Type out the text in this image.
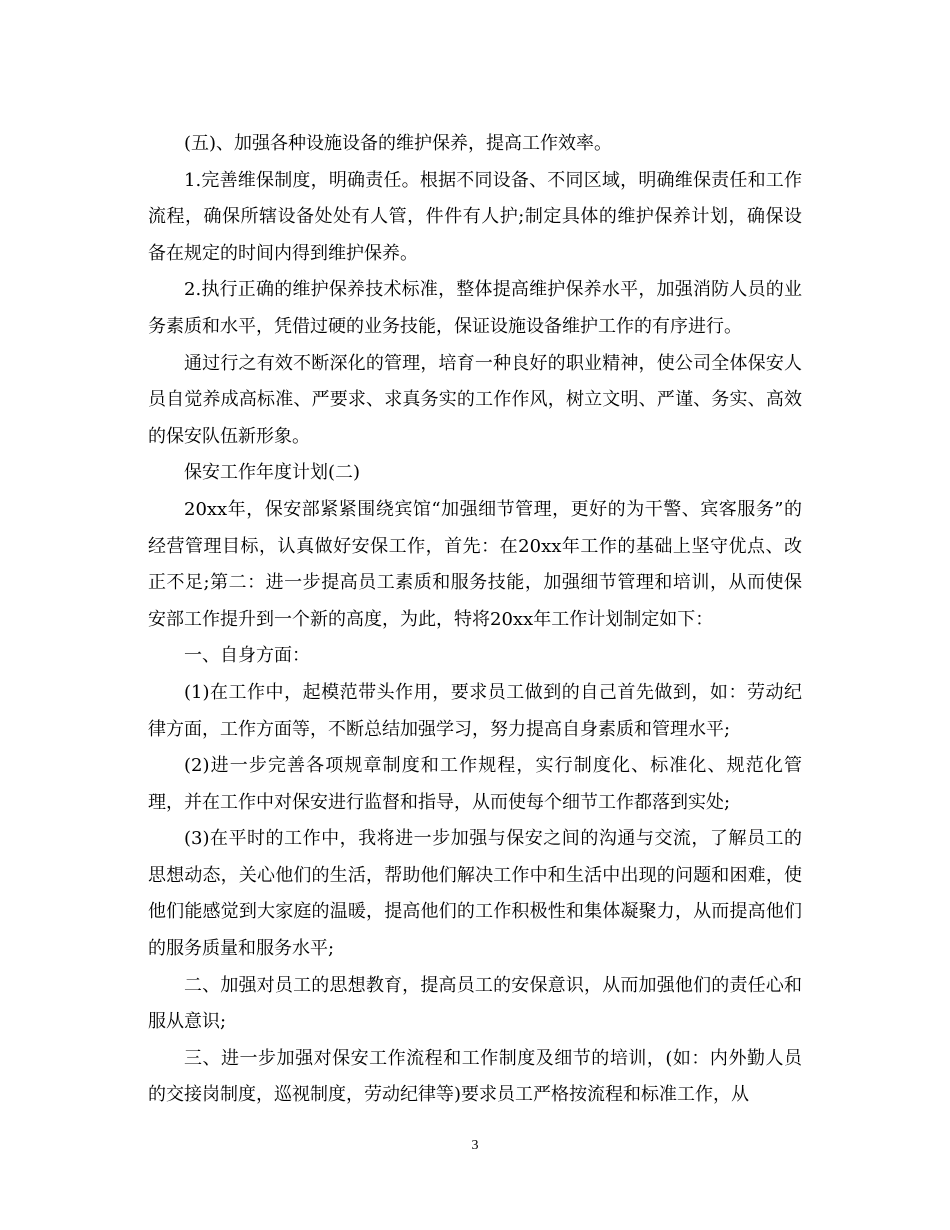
(五)、加强各种设施设备的维护保养，提高工作效率。

1.完善维保制度，明确责任。根据不同设备、不同区域，明确维保责任和工作流程，确保所辖设备处处有人管，件件有人护;制定具体的维护保养计划，确保设备在规定的时间内得到维护保养。

2.执行正确的维护保养技术标准，整体提高维护保养水平，加强消防人员的业务素质和水平，凭借过硬的业务技能，保证设施设备维护工作的有序进行。

通过行之有效不断深化的管理，培育一种良好的职业精神，使公司全体保安人员自觉养成高标准、严要求、求真务实的工作作风，树立文明、严谨、务实、高效的保安队伍新形象。

保安工作年度计划(二)

20xx年，保安部紧紧围绕宾馆“加强细节管理，更好的为干警、宾客服务”的经营管理目标，认真做好安保工作，首先：在20xx年工作的基础上坚守优点、改正不足;第二：进一步提高员工素质和服务技能，加强细节管理和培训，从而使保安部工作提升到一个新的高度，为此，特将20xx年工作计划制定如下：

一、自身方面：

(1)在工作中，起模范带头作用，要求员工做到的自己首先做到，如：劳动纪律方面，工作方面等，不断总结加强学习，努力提高自身素质和管理水平;

(2)进一步完善各项规章制度和工作规程，实行制度化、标准化、规范化管理，并在工作中对保安进行监督和指导，从而使每个细节工作都落到实处;

(3)在平时的工作中，我将进一步加强与保安之间的沟通与交流，了解员工的思想动态，关心他们的生活，帮助他们解决工作中和生活中出现的问题和困难，使他们能感觉到大家庭的温暖，提高他们的工作积极性和集体凝聚力，从而提高他们的服务质量和服务水平;

二、加强对员工的思想教育，提高员工的安保意识，从而加强他们的责任心和服从意识;

三、进一步加强对保安工作流程和工作制度及细节的培训，(如：内外勤人员的交接岗制度，巡视制度，劳动纪律等)要求员工严格按流程和标准工作，从

3
